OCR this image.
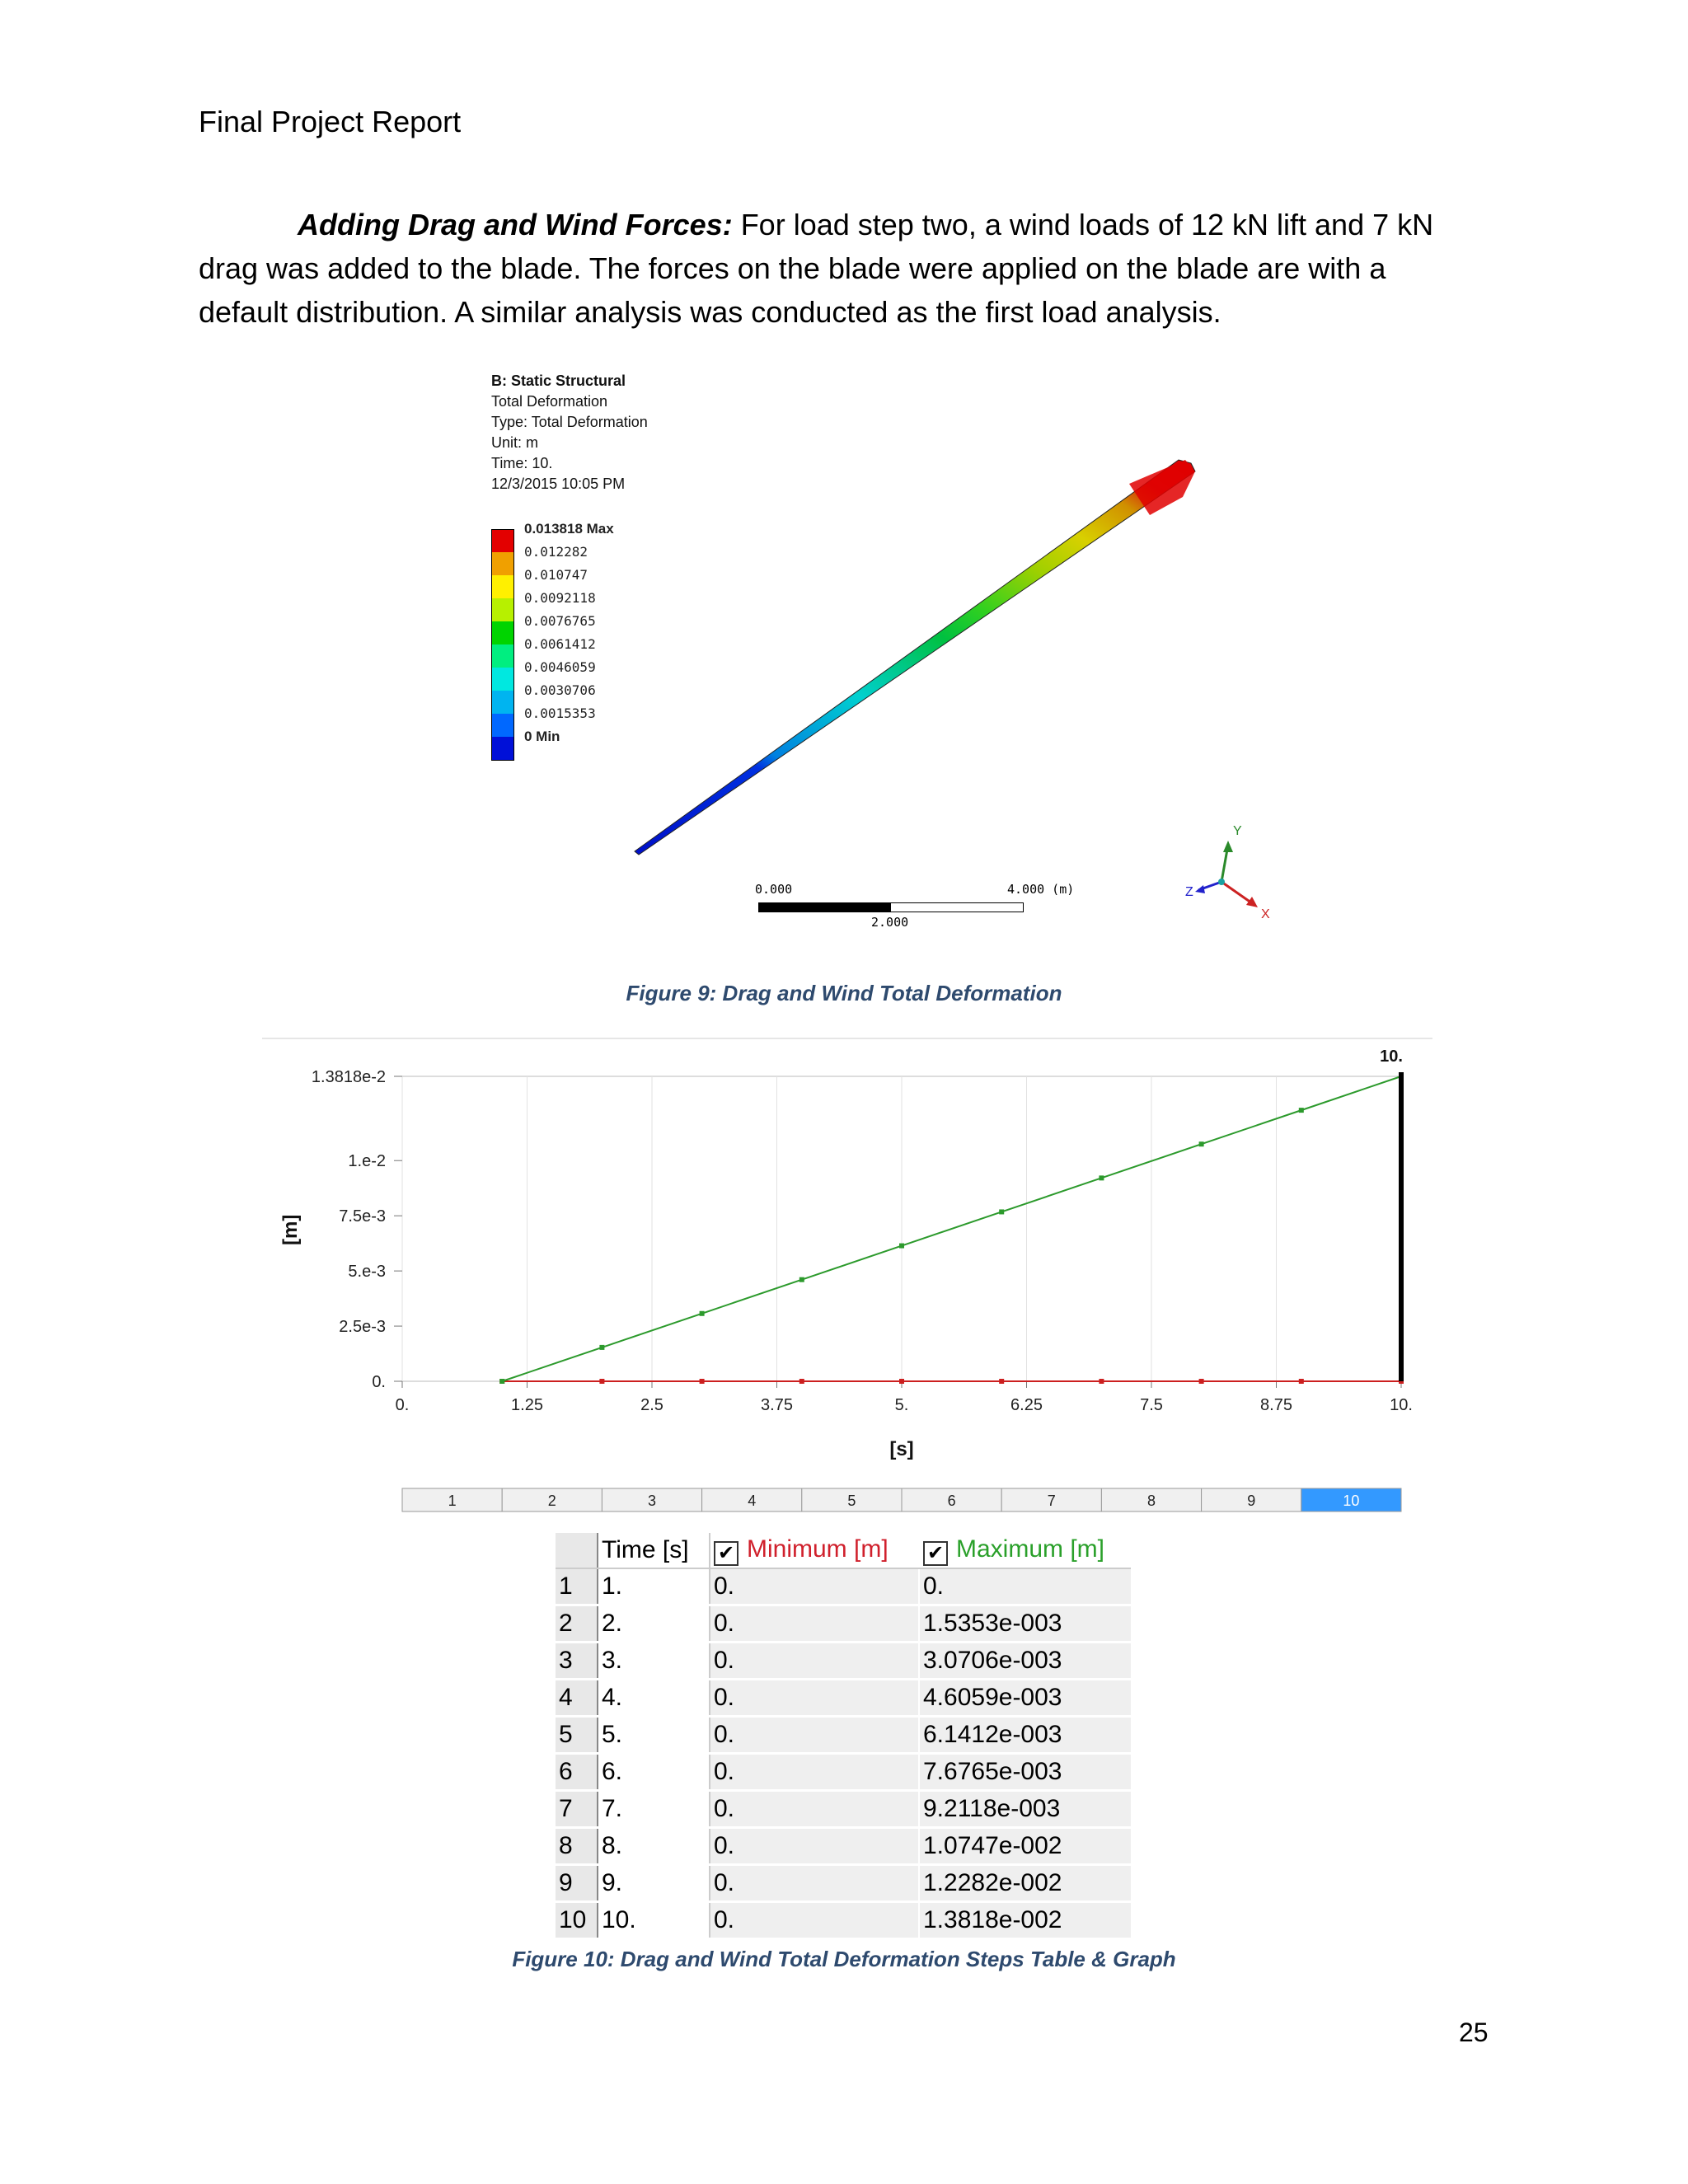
Final Project Report

Adding Drag and Wind Forces: For load step two, a wind loads of 12 kN lift and 7 kN drag was added to the blade. The forces on the blade were applied on the blade are with a default distribution. A similar analysis was conducted as the first load analysis.

B: Static Structural
Total Deformation
Type: Total Deformation
Unit: m
Time: 10.
12/3/2015 10:05 PM
0.013818 Max
0.012282
0.010747
0.0092118
0.0076765
0.0061412
0.0046059
0.0030706
0.0015353
0 Min
0.000	4.000 (m)
2.000
Y
X
Z
Figure 9: Drag and Wind Total Deformation
0.	1.25	2.5	3.75	5.	6.25	7.5	8.75	10.
0.
2.5e-3
5.e-3
7.5e-3
1.e-2
1.3818e-2
[m]
[s]
10.
1	2	3	4	5	6	7	8	9	10
	Time [s]	✔ Minimum [m]	✔ Maximum [m]
1	1.	0.	0.
2	2.	0.	1.5353e-003
3	3.	0.	3.0706e-003
4	4.	0.	4.6059e-003
5	5.	0.	6.1412e-003
6	6.	0.	7.6765e-003
7	7.	0.	9.2118e-003
8	8.	0.	1.0747e-002
9	9.	0.	1.2282e-002
10	10.	0.	1.3818e-002
Figure 10: Drag and Wind Total Deformation Steps Table & Graph
25
